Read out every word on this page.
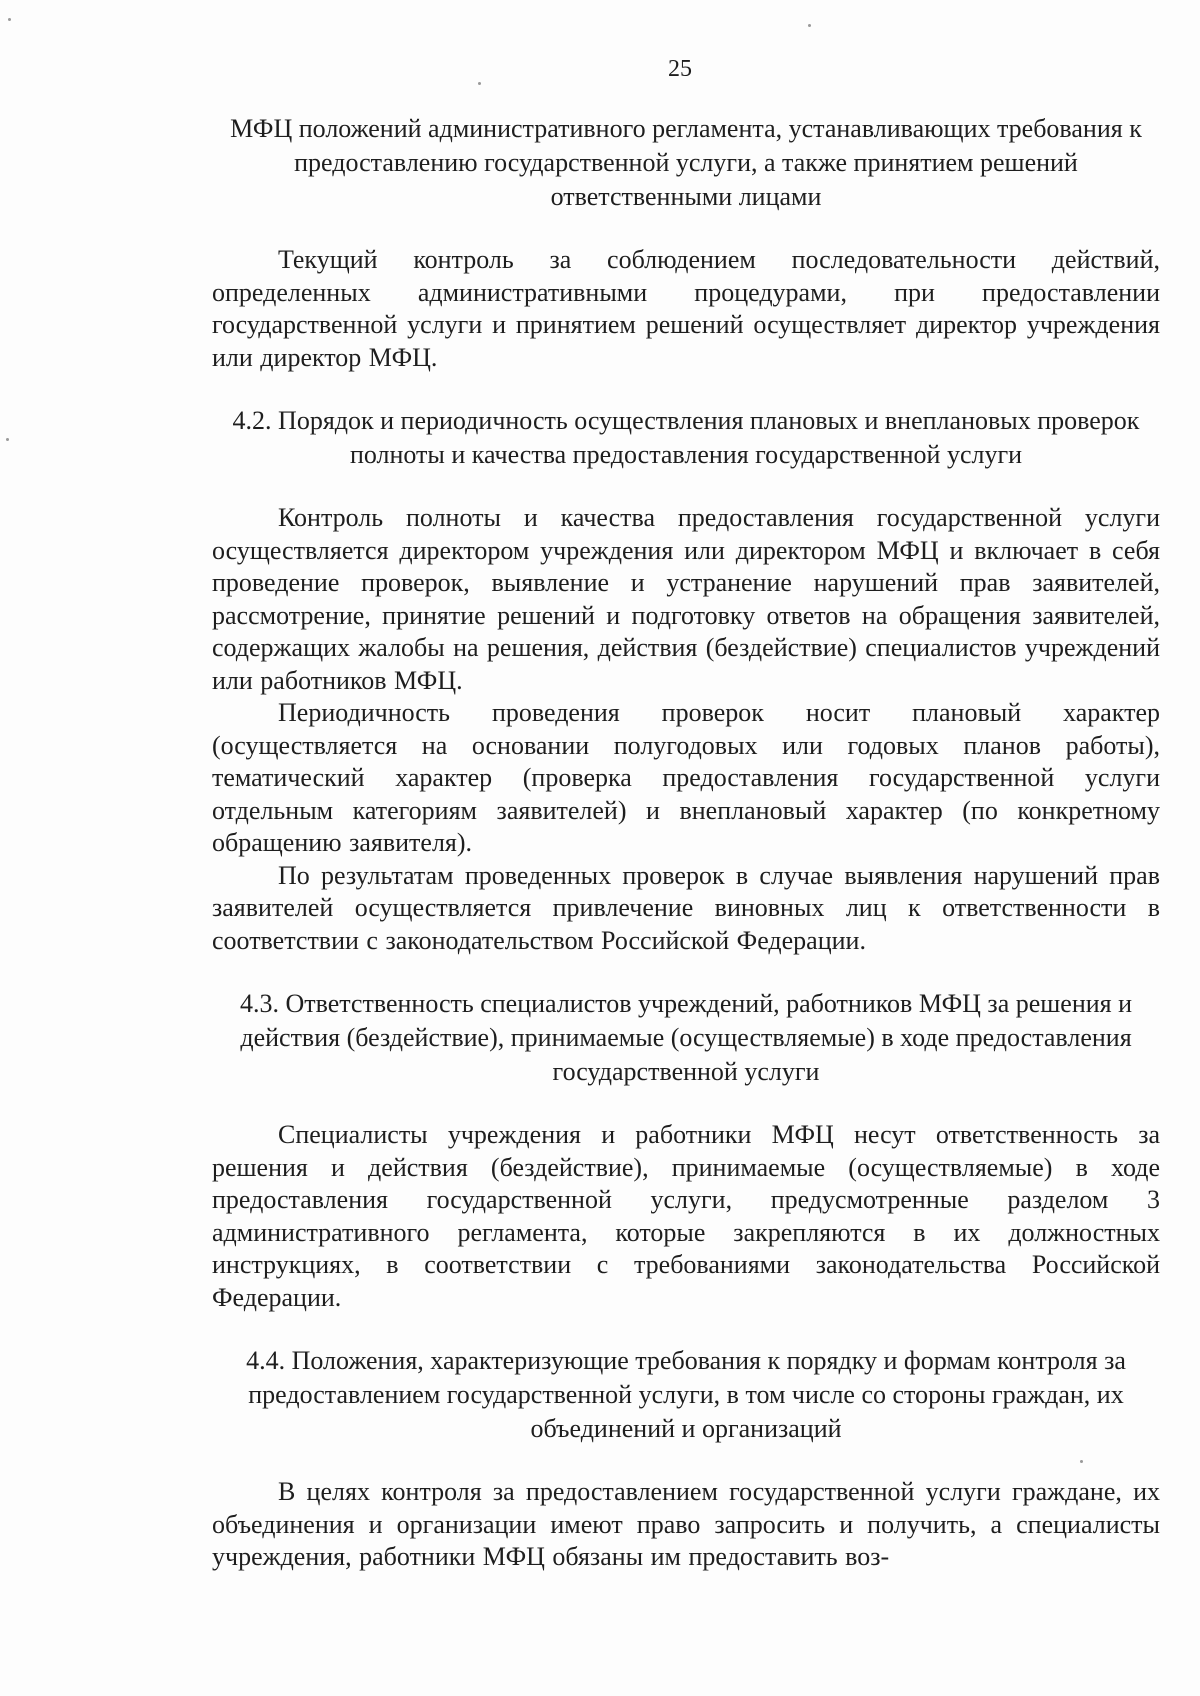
25

МФЦ положений административного регламента, устанавливающих требования к предоставлению государственной услуги, а также принятием решений ответственными лицами

Текущий контроль за соблюдением последовательности действий, определенных административными процедурами, при предоставлении государственной услуги и принятием решений осуществляет директор учреждения или директор МФЦ.

4.2. Порядок и периодичность осуществления плановых и внеплановых проверок полноты и качества предоставления государственной услуги

Контроль полноты и качества предоставления государственной услуги осуществляется директором учреждения или директором МФЦ и включает в себя проведение проверок, выявление и устранение нарушений прав заявителей, рассмотрение, принятие решений и подготовку ответов на обращения заявителей, содержащих жалобы на решения, действия (бездействие) специалистов учреждений или работников МФЦ.

Периодичность проведения проверок носит плановый характер (осуществляется на основании полугодовых или годовых планов работы), тематический характер (проверка предоставления государственной услуги отдельным категориям заявителей) и внеплановый характер (по конкретному обращению заявителя).

По результатам проведенных проверок в случае выявления нарушений прав заявителей осуществляется привлечение виновных лиц к ответственности в соответствии с законодательством Российской Федерации.

4.3. Ответственность специалистов учреждений, работников МФЦ за решения и действия (бездействие), принимаемые (осуществляемые) в ходе предоставления государственной услуги

Специалисты учреждения и работники МФЦ несут ответственность за решения и действия (бездействие), принимаемые (осуществляемые) в ходе предоставления государственной услуги, предусмотренные разделом 3 административного регламента, которые закрепляются в их должностных инструкциях, в соответствии с требованиями законодательства Российской Федерации.

4.4. Положения, характеризующие требования к порядку и формам контроля за предоставлением государственной услуги, в том числе со стороны граждан, их объединений и организаций

В целях контроля за предоставлением государственной услуги граждане, их объединения и организации имеют право запросить и получить, а специалисты учреждения, работники МФЦ обязаны им предоставить воз-
